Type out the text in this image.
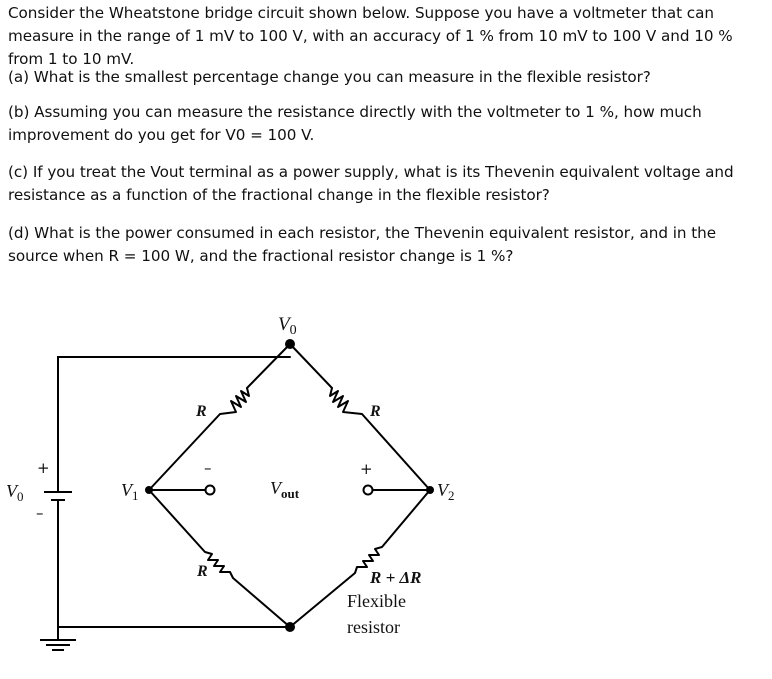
Consider the Wheatstone bridge circuit shown below. Suppose you have a voltmeter that can measure in the range of 1 mV to 100 V, with an accuracy of 1 % from 10 mV to 100 V and 10 % from 1 to 10 mV.
(a) What is the smallest percentage change you can measure in the flexible resistor?
(b) Assuming you can measure the resistance directly with the voltmeter to 1 %, how much improvement do you get for V0 = 100 V.
(c) If you treat the Vout terminal as a power supply, what is its Thevenin equivalent voltage and resistance as a function of the fractional change in the flexible resistor?
(d) What is the power consumed in each resistor, the Thevenin equivalent resistor, and in the source when R = 100 W, and the fractional resistor change is 1 %?
$V_0$
$V_0$	$V_1$	$V_2$
$V_{out}$
R	R
R	R + ΔR
Flexible
resistor
+
–
+
–
